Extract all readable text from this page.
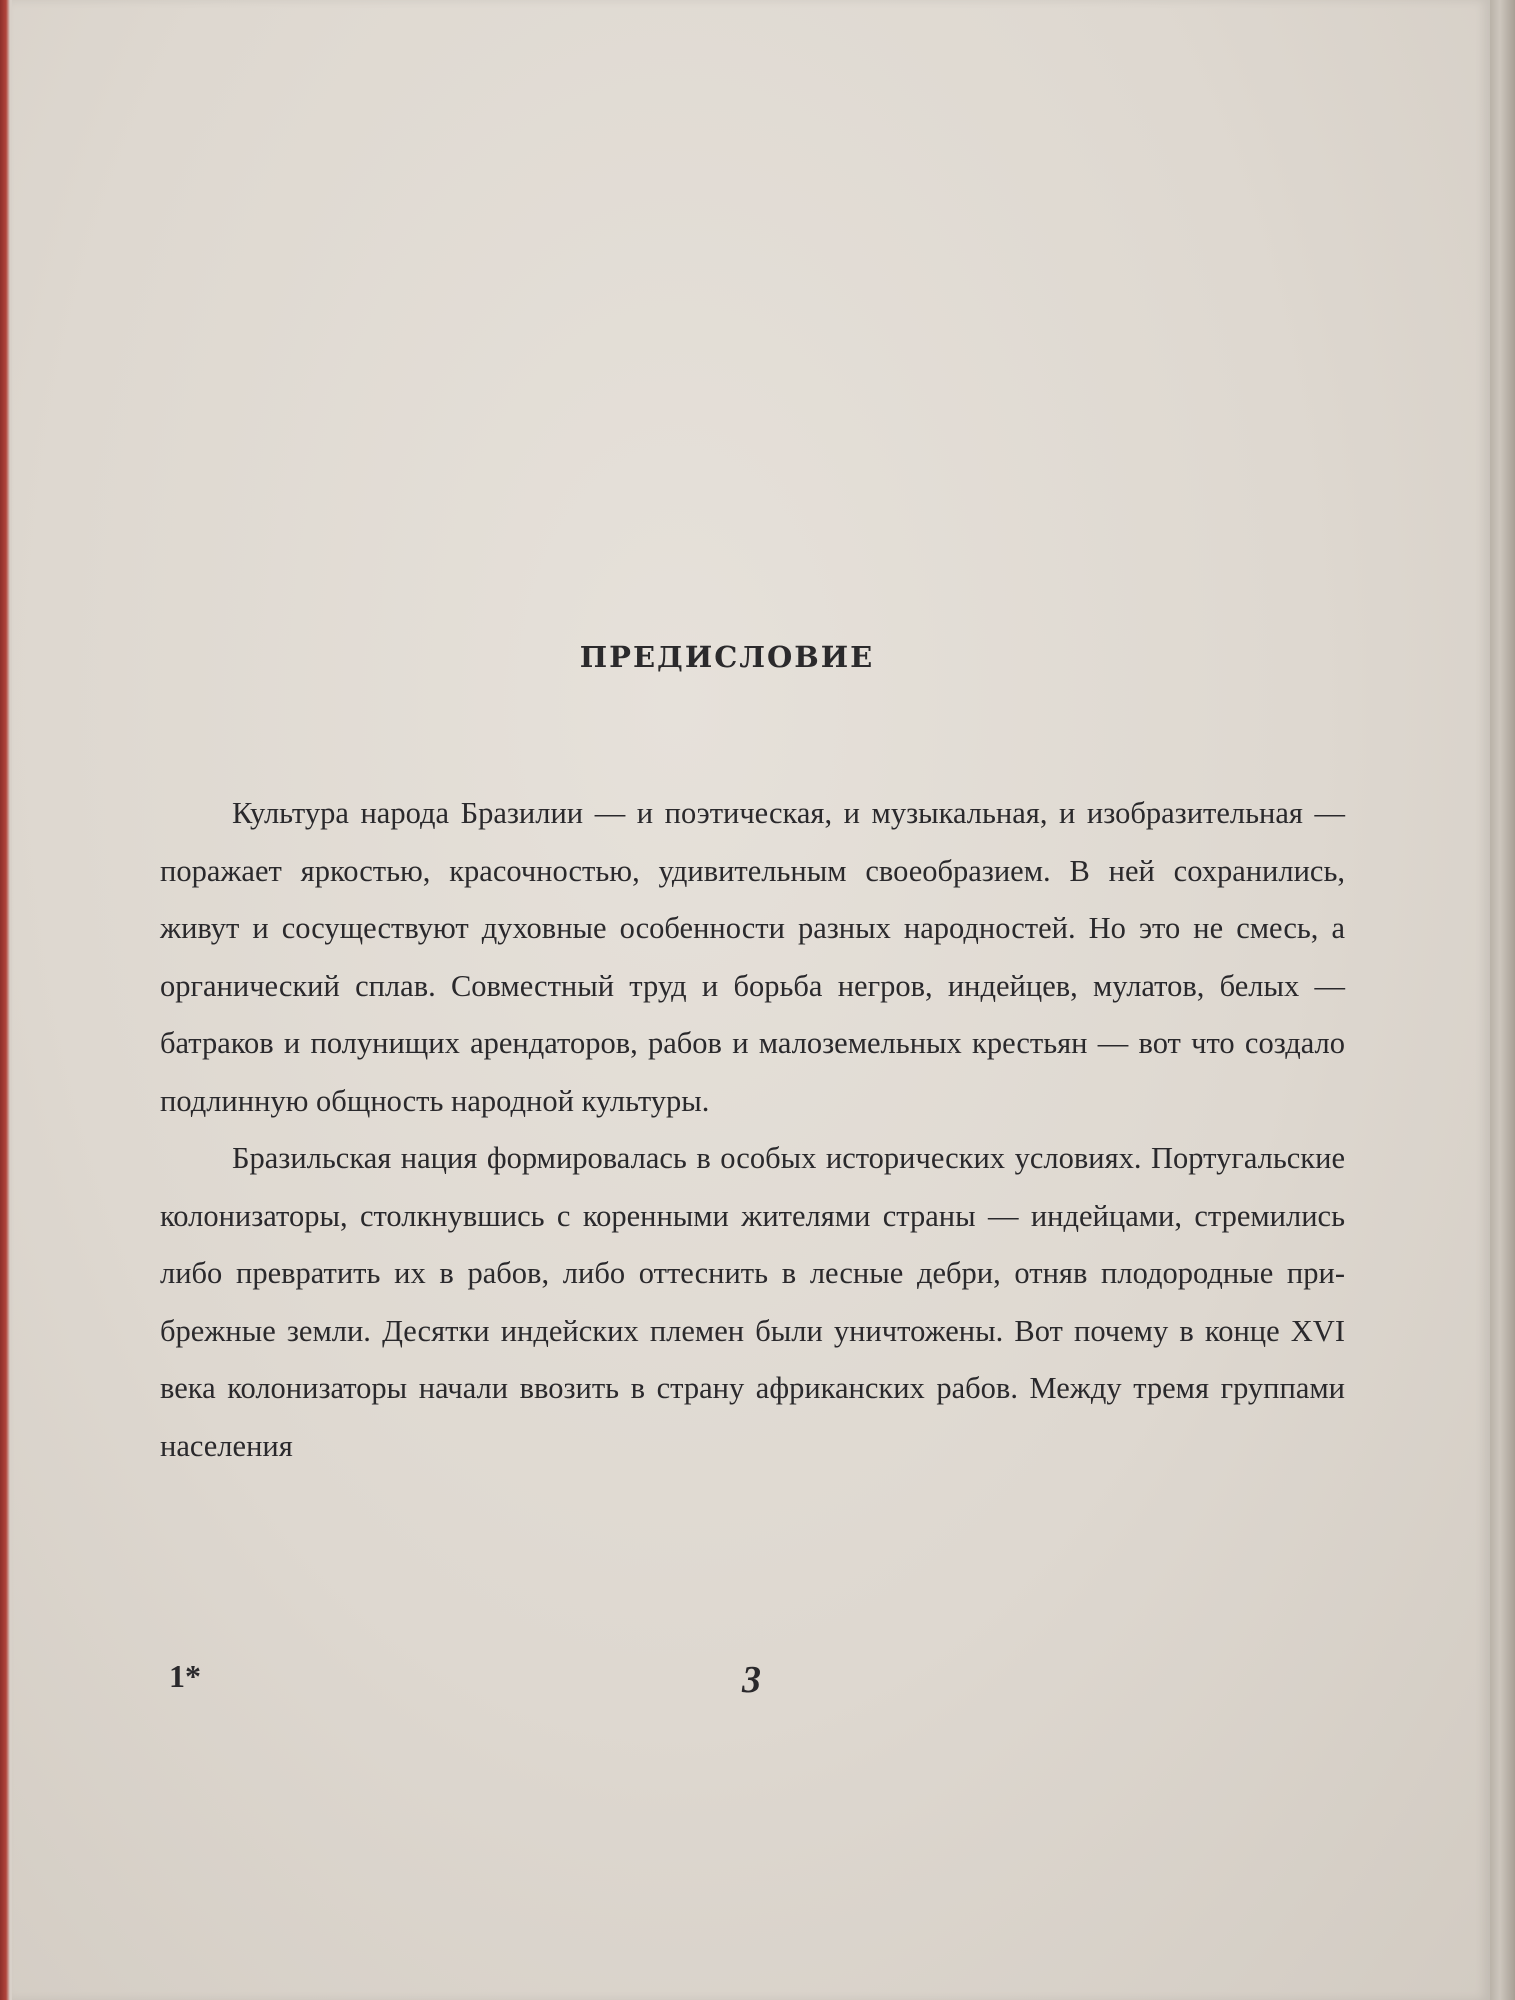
ПРЕДИСЛОВИЕ

Культура народа Бразилии — и поэтическая, и музыкальная, и изобразительная — поражает яркостью, красочностью, удивительным своеобразием. В ней сохранились, живут и сосуществуют духовные особенности разных народностей. Но это не смесь, а органический сплав. Совместный труд и борьба негров, индейцев, мулатов, белых — батраков и полунищих арендаторов, рабов и малоземельных крестьян — вот что создало подлинную общность народной культуры.

Бразильская нация формировалась в особых исторических условиях. Португальские колонизаторы, столкнувшись с коренными жителями страны — индейцами, стремились либо превратить их в рабов, либо оттеснить в лесные дебри, отняв плодородные прибрежные земли. Десятки индейских племен были уничтожены. Вот почему в конце XVI века колонизаторы начали ввозить в страну африканских рабов. Между тремя группами населения

1*	3
